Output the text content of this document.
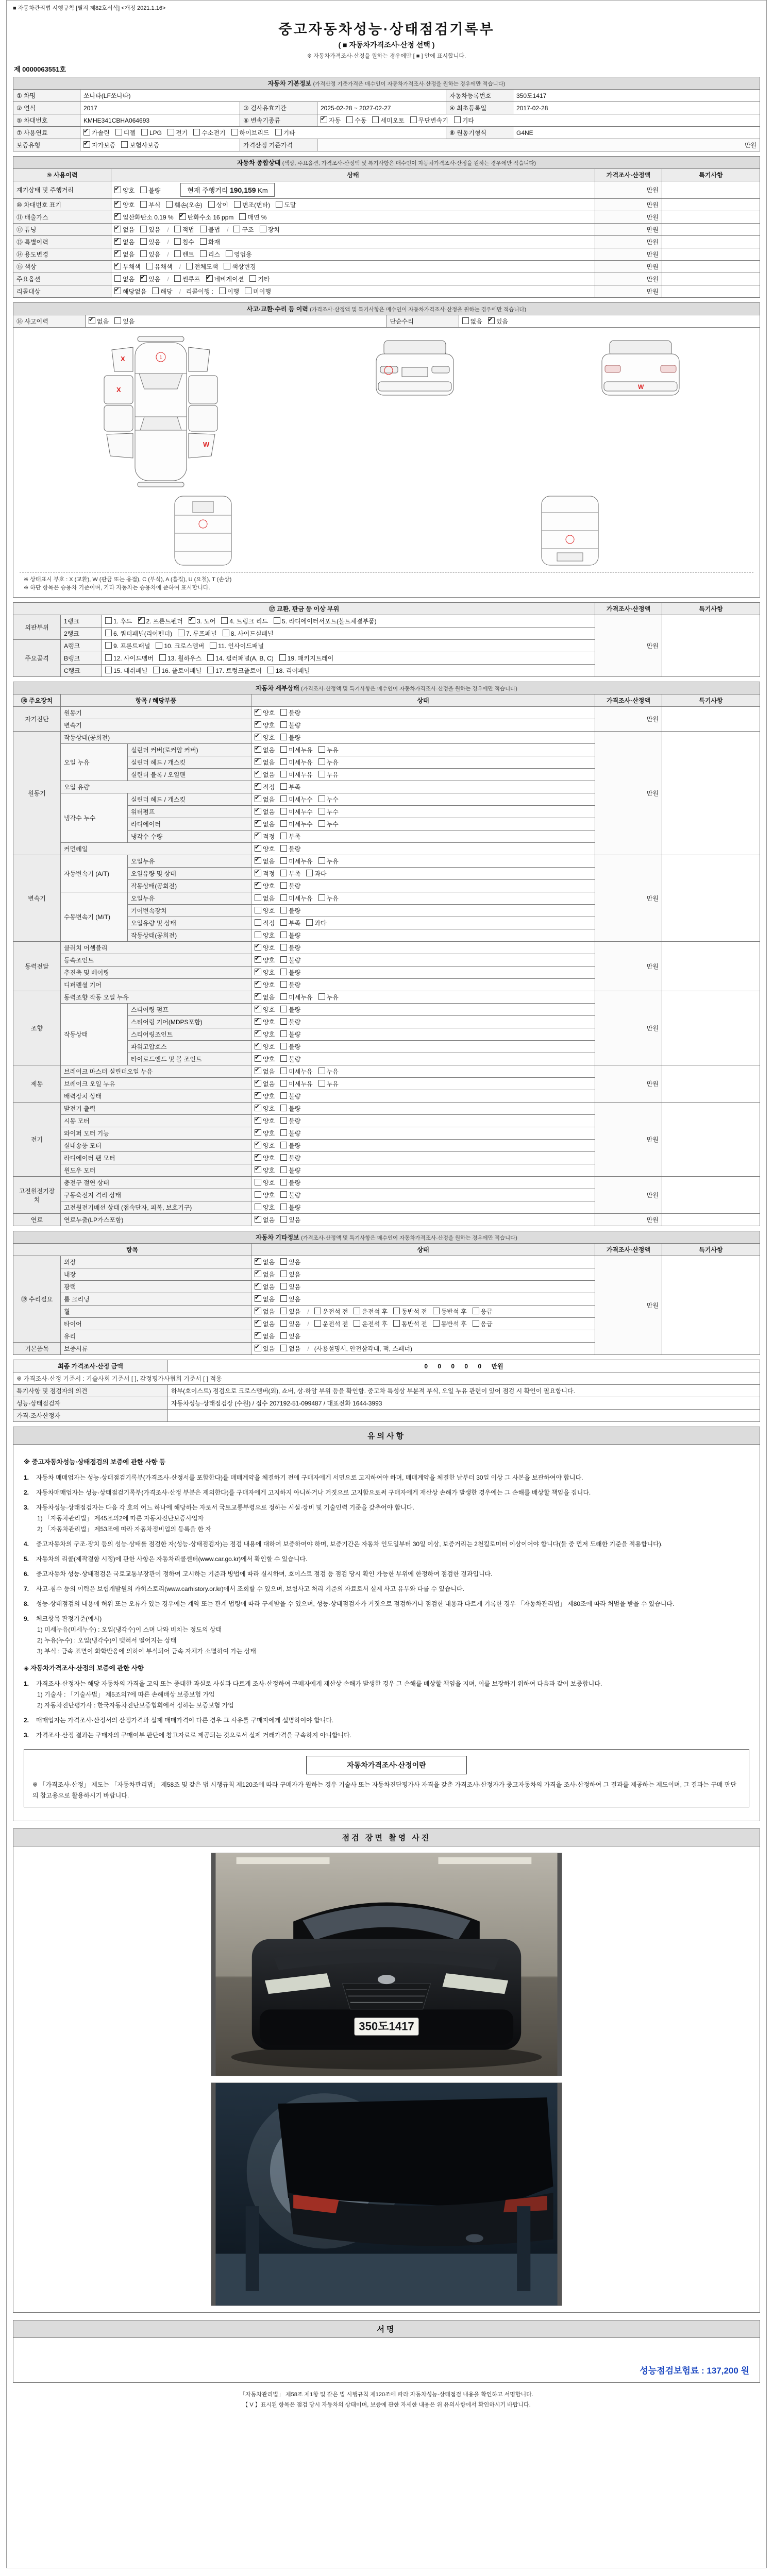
■ 자동차관리법 시행규칙 [별지 제82호서식] <개정 2021.1.16>
중고자동차성능·상태점검기록부
( ■ 자동차가격조사·산정 선택 )
※ 자동차가격조사·산정을 원하는 경우에만 [ ■ ] 안에 표시합니다.
제 0000063551호
자동차 기본정보 (가격산정 기준가격은 매수인이 자동차가격조사·산정을 원하는 경우에만 적습니다)					
① 차명	쏘나타(LF쏘나타)			자동차등록번호	350도1417
② 연식	2017	③ 검사유효기간	2025-02-28 ~ 2027-02-27	④ 최초등록일	2017-02-28
⑤ 차대번호	KMHE341CBHA064693	⑥ 변속기종류	✔자동 수동 세미오토 무단변속기 기타
⑦ 사용연료	✔가솔린 디젤 LPG 전기 수소전기 하이브리드 기타			⑧ 원동기형식	G4NE
보증유형	✔자가보증 보험사보증	가격산정 기준가격	만원		
자동차 종합상태 (색상, 주요옵션, 가격조사·산정액 및 특기사항은 매수인이 자동차가격조사·산정을 원하는 경우에만 적습니다)			
⑨ 사용이력	상태	가격조사·산정액	특기사항
계기상태 및 주행거리	✔양호 불량 현재 주행거리 190,159 Km	만원	
⑩ 차대번호 표기	✔양호 부식 훼손(오손) 상이 변조(변타) 도말	만원	
⑪ 배출가스	✔일산화탄소 0.19 % ✔ 탄화수소 16 ppm 매연 %	만원	
⑫ 튜닝	✔없음 있음 / 적법 불법 / 구조 장치	만원	
⑬ 특별이력	✔없음 있음 / 침수 화재	만원	
⑭ 용도변경	✔없음 있음 / 렌트 리스 영업용	만원	
⑮ 색상	✔무채색 유채색 / 전체도색 색상변경	만원	
주요옵션	없음 ✔ 있음 / 썬루프 ✔ 네비게이션 기타	만원	
리콜대상	✔해당없음 해당 / 리콜이행 : 이행 미이행	만원	
사고·교환·수리 등 이력 (가격조사·산정액 및 특기사항은 매수인이 자동차가격조사·산정을 원하는 경우에만 적습니다)
⑯ 사고이력	✔없음 있음	단순수리	없음 ✔ 있음

X
X
W
1
W
※ 상태표시 부호 : X (교환), W (판금 또는 용접), C (부식), A (흠집), U (요철), T (손상)
※ 하단 항목은 승용차 기준이며, 기타 자동차는 승용차에 준하여 표시합니다.
⑰ 교환, 판금 등 이상 부위			가격조사·산정액	특기사항
외판부위	1랭크	1. 후드 ✔ 2. 프론트펜더 ✔ 3. 도어 4. 트렁크 리드 5. 라디에이터서포트(볼트체결부품)	만원	
	2랭크	6. 쿼터패널(리어펜더) 7. 루프패널 8. 사이드실패널		
주요골격	A랭크	9. 프론트패널 10. 크로스멤버 11. 인사이드패널		
	B랭크	12. 사이드멤버 13. 휠하우스 14. 필러패널(A, B, C) 19. 패키지트레이		
	C랭크	15. 대쉬패널 16. 플로어패널 17. 트렁크플로어 18. 리어패널		
자동차 세부상태 (가격조사·산정액 및 특기사항은 매수인이 자동차가격조사·산정을 원하는 경우에만 적습니다)					
⑱ 주요장치	항목 / 해당부품		상태	가격조사·산정액	특기사항
자기진단	원동기	✔양호 불량	만원	
	변속기	✔양호 불량
원동기	작동상태(공회전)	✔양호 불량	만원	
	오일 누유	실린더 커버(로커암 커버)	✔없음 미세누유 누유
		실린더 헤드 / 개스킷	✔없음 미세누유 누유
		실린더 블록 / 오일팬	✔없음 미세누유 누유
	오일 유량	✔적정 부족
	냉각수 누수	실린더 헤드 / 개스킷	✔없음 미세누수 누수
		워터펌프	✔없음 미세누수 누수
		라디에이터	✔없음 미세누수 누수
		냉각수 수량	✔적정 부족
	커먼레일	✔양호 불량
변속기	자동변속기 (A/T)	오일누유	✔없음 미세누유 누유	만원	
		오일유량 및 상태	✔적정 부족 과다
		작동상태(공회전)	✔양호 불량
	수동변속기 (M/T)	오일누유	없음 미세누유 누유		
		기어변속장치	양호 불량		
		오일유량 및 상태	적정 부족 과다		
		작동상태(공회전)	양호 불량		
동력전달	클러치 어셈블리	✔양호 불량	만원	
	등속조인트	✔양호 불량
	추진축 및 베어링	✔양호 불량
	디퍼렌셜 기어	✔양호 불량
조향	동력조향 작동 오일 누유	✔없음 미세누유 누유	만원	
	작동상태	스티어링 펌프	✔양호 불량
		스티어링 기어(MDPS포함)	✔양호 불량
		스티어링조인트	✔양호 불량
		파워고압호스	✔양호 불량
		타이로드엔드 및 볼 조인트	✔양호 불량
제동	브레이크 마스터 실린더오일 누유	✔없음 미세누유 누유	만원	
	브레이크 오일 누유	✔없음 미세누유 누유
	배력장치 상태	✔양호 불량
전기	발전기 출력	✔양호 불량	만원	
	시동 모터	✔양호 불량
	와이퍼 모터 기능	✔양호 불량
	실내송풍 모터	✔양호 불량
	라디에이터 팬 모터	✔양호 불량
	윈도우 모터	✔양호 불량
고전원전기장치	충전구 절연 상태		양호 불량	만원	
	구동축전지 격리 상태		양호 불량		
	고전원전기배선 상태 (접속단자, 피복, 보호기구)		양호 불량		
연료	연료누출(LP가스포함)	✔없음 있음	만원	
자동차 기타정보 (가격조사·산정액 및 특기사항은 매수인이 자동차가격조사·산정을 원하는 경우에만 적습니다)				
항목		상태	가격조사·산정액	특기사항
⑲ 수리필요	외장	✔없음 있음	만원	
	내장	✔없음 있음
	광택	✔없음 있음
	룸 크리닝	✔없음 있음
	휠	✔없음 있음 / 운전석 전 운전석 후 동반석 전 동반석 후 응급
	타이어	✔없음 있음 / 운전석 전 운전석 후 동반석 전 동반석 후 응급
	유리	✔없음 있음
기본품목	보증서류	✔있음 없음 / (사용설명서, 안전삼각대, 잭, 스패너)
최종 가격조사·산정 금액	0 0 0 0 0 만원
※ 가격조사·산정 기준서 : 기술사회 기준서 [ ], 감정평가사협회 기준서 [ ] 적용	
특기사항 및 점검자의 의견	하부(호이스트) 점검으로 크로스멤버(외), 쇼버, 상·하암 부위 등을 확인함. 중고차 특성상 부분적 부식, 오일 누유 관련이 있어 점검 시 확인이 필요합니다.
성능·상태점검자	자동차성능·상태점검장 (수원) / 접수 207192-51-099487 / 대표전화 1644-3993
가격·조사산정자	
유의사항
※ 중고자동차성능·상태점검의 보증에 관한 사항 등
1.	자동차 매매업자는 성능·상태점검기록부(가격조사·산정서를 포함한다)를 매매계약을 체결하기 전에 구매자에게 서면으로 고지하여야 하며, 매매계약을 체결한 날부터 30일 이상 그 사본을 보관하여야 합니다.
2.	자동차매매업자는 성능·상태점검기록부(가격조사·산정 부분은 제외한다)를 구매자에게 고지하지 아니하거나 거짓으로 고지함으로써 구매자에게 재산상 손해가 발생한 경우에는 그 손해를 배상할 책임을 집니다.
3.	자동차성능·상태점검자는 다음 각 호의 어느 하나에 해당하는 자로서 국토교통부령으로 정하는 시설·장비 및 기술인력 기준을 갖추어야 합니다.
1) 「자동차관리법」 제45조의2에 따른 자동차진단보증사업자
2) 「자동차관리법」 제53조에 따라 자동차정비업의 등록을 한 자
4.	중고자동차의 구조·장치 등의 성능·상태를 점검한 자(성능·상태점검자)는 점검 내용에 대하여 보증하여야 하며, 보증기간은 자동차 인도일부터 30일 이상, 보증거리는 2천킬로미터 이상이어야 합니다(둘 중 먼저 도래한 기준을 적용합니다).
5.	자동차의 리콜(제작결함 시정)에 관한 사항은 자동차리콜센터(www.car.go.kr)에서 확인할 수 있습니다.
6.	중고자동차 성능·상태점검은 국토교통부장관이 정하여 고시하는 기준과 방법에 따라 실시하며, 호이스트 점검 등 점검 당시 확인 가능한 부위에 한정하여 점검한 결과입니다.
7.	사고·침수 등의 이력은 보험개발원의 카히스토리(www.carhistory.or.kr)에서 조회할 수 있으며, 보험사고 처리 기준의 자료로서 실제 사고 유무와 다를 수 있습니다.
8.	성능·상태점검의 내용에 허위 또는 오류가 있는 경우에는 계약 또는 관계 법령에 따라 구제받을 수 있으며, 성능·상태점검자가 거짓으로 점검하거나 점검한 내용과 다르게 기록한 경우 「자동차관리법」 제80조에 따라 처벌을 받을 수 있습니다.
9.	체크항목 판정기준(예시)
1) 미세누유(미세누수) : 오일(냉각수)이 스며 나와 비치는 정도의 상태
2) 누유(누수) : 오일(냉각수)이 맺혀서 떨어지는 상태
3) 부식 : 금속 표면이 화학반응에 의하여 부식되어 금속 자체가 소멸하여 가는 상태
◈ 자동차가격조사·산정의 보증에 관한 사항
1.	가격조사·산정자는 해당 자동차의 가격을 고의 또는 중대한 과실로 사실과 다르게 조사·산정하여 구매자에게 재산상 손해가 발생한 경우 그 손해를 배상할 책임을 지며, 이를 보장하기 위하여 다음과 같이 보증합니다.
1) 기술사 : 「기술사법」 제5조의7에 따른 손해배상 보증보험 가입
2) 자동차진단평가사 : 한국자동차진단보증협회에서 정하는 보증보험 가입
2.	매매업자는 가격조사·산정서의 산정가격과 실제 매매가격이 다른 경우 그 사유를 구매자에게 설명하여야 합니다.
3.	가격조사·산정 결과는 구매자의 구매여부 판단에 참고자료로 제공되는 것으로서 실제 거래가격을 구속하지 아니합니다.
자동차가격조사·산정이란
※ 「가격조사·산정」 제도는 「자동차관리법」 제58조 및 같은 법 시행규칙 제120조에 따라 구매자가 원하는 경우 기술사 또는 자동차진단평가사 자격을 갖춘 가격조사·산정자가 중고자동차의 가격을 조사·산정하여 그 결과를 제공하는 제도이며, 그 결과는 구매 판단의 참고용으로 활용하시기 바랍니다.
점검 장면 촬영 사진
350도1417
서명
성능점검보험료 : 137,200 원
「자동차관리법」 제58조 제1항 및 같은 법 시행규칙 제120조에 따라 자동차성능·상태점검 내용을 확인하고 서명합니다.
【 V 】표시된 항목은 점검 당시 자동차의 상태이며, 보증에 관한 자세한 내용은 위 유의사항에서 확인하시기 바랍니다.
